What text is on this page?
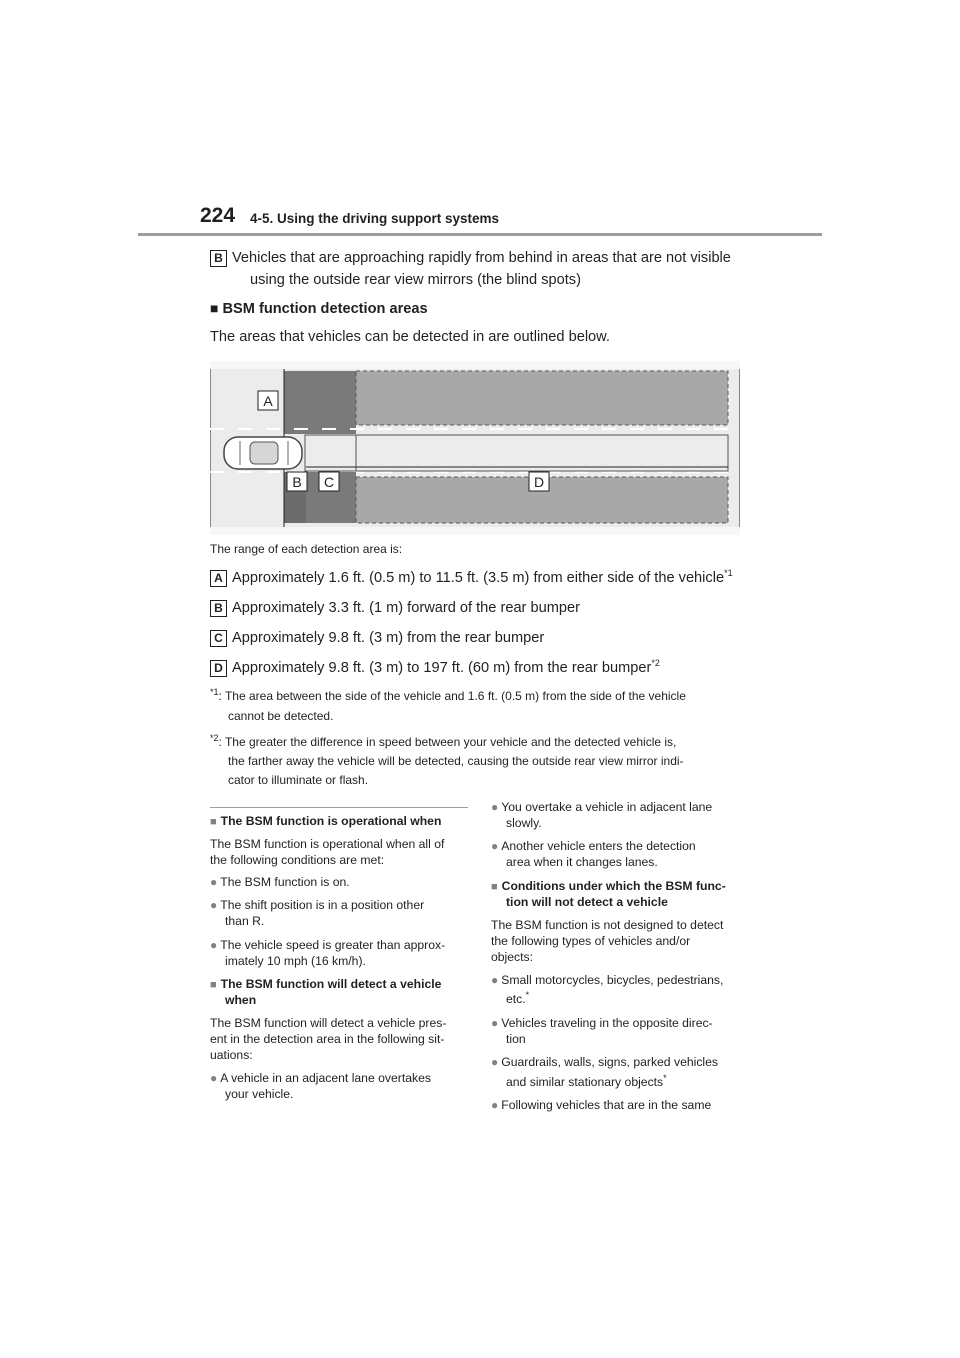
224 4-5. Using the driving support systems
B Vehicles that are approaching rapidly from behind in areas that are not visible
using the outside rear view mirrors (the blind spots)
■ BSM function detection areas
The areas that vehicles can be detected in are outlined below.
A
B C	D
The range of each detection area is:
A Approximately 1.6 ft. (0.5 m) to 11.5 ft. (3.5 m) from either side of the vehicle$^{*1}$
B Approximately 3.3 ft. (1 m) forward of the rear bumper
C Approximately 9.8 ft. (3 m) from the rear bumper
D Approximately 9.8 ft. (3 m) to 197 ft. (60 m) from the rear bumper$^{*2}$
$^{*1}$: The area between the side of the vehicle and 1.6 ft. (0.5 m) from the side of the vehicle
cannot be detected.
$^{*2}$: The greater the difference in speed between your vehicle and the detected vehicle is,
the farther away the vehicle will be detected, causing the outside rear view mirror indi-
cator to illuminate or flash.
■ The BSM function is operational when
The BSM function is operational when all of
the following conditions are met:
● The BSM function is on.
● The shift position is in a position other
than R.
● The vehicle speed is greater than approx-
imately 10 mph (16 km/h).
■ The BSM function will detect a vehicle
when
The BSM function will detect a vehicle pres-
ent in the detection area in the following sit-
uations:
● A vehicle in an adjacent lane overtakes
your vehicle.
● You overtake a vehicle in adjacent lane
slowly.
● Another vehicle enters the detection
area when it changes lanes.
■ Conditions under which the BSM func-
tion will not detect a vehicle
The BSM function is not designed to detect
the following types of vehicles and/or
objects:
● Small motorcycles, bicycles, pedestrians,
etc.*
● Vehicles traveling in the opposite direc-
tion
● Guardrails, walls, signs, parked vehicles
and similar stationary objects*
● Following vehicles that are in the same
